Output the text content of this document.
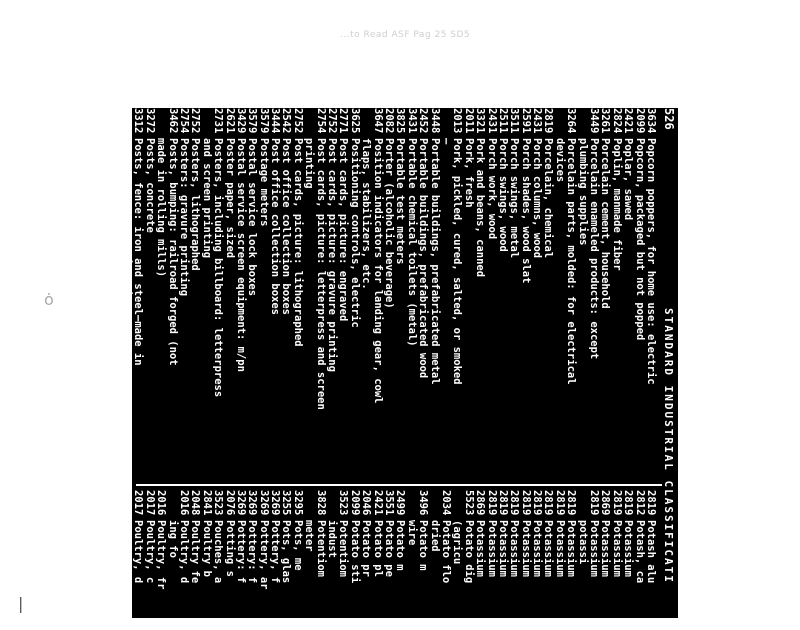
...to Read ASF Pag 25 SD5
ȯ
|
526
STANDARD INDUSTRIAL CLASSIFICATI
3634Popcorn poppers, for home use: electric
2099Popcorn, packaged but not popped
2421Poplar, sawed
2824Poplin, manmade fiber
3261Porcelain cement, household
3449Porcelain enameled products: except
plumbing supplies
3264Porcelain parts, molded: for electrical
devices
2819Porcelain, chemical
2431Porch columns, wood
2591Porch shades, wood slat
3511Porch swings, metal
2511Porch swings, wood
2431Porch work, wood
3321Pork and beans, canned
2011Pork, fresh
2013Pork, pickled, cured, salted, or smoked
—
3448Portable buildings, prefabricated metal
2452Portable buildings, prefabricated wood
3431Portable chemical toilets (metal)
3825Portable test meters
2082Porter (alcoholic beverage)
3647Position indicators for landing gear, cowl
flaps, stabilizers, etc.
3625Positioning controls, electric
2771Post cards, picture: engraved
2752Post cards, picture: gravure printing
2754Post cards, picture: letterpress and screen
printing
2752Post cards, picture: lithographed
2542Post office collection boxes
3444Post office collection boxes
3579Postage meters
3579Postal service lock boxes
3429Postal service screen equipment: m/pn
2621Poster paper, sized
2731Posters, including billboard: letterpress
and screen printing
2752Posters, lithographed
2754Posters: gravure printing
3462Posts, bumping: railroad forged (not
made in rolling mills)
3272Posts, concrete
3312Posts, fence: iron and steel—made in
steel works or rolling mills
2421Posts, wood: hewn, round or split
2491Posts, wood: treated
2026Pot cheese
2819Potash alu
2812Potash, ca
2819Potassium
2819Potassium
2869Potassium
2819Potassium
potassi
2819Potassium
2819Potassium
2819Potassium
2819Potassium
2819Potassium
2819Potassium
2819Potassium
2819Potassium
2869Potassium
5523Potato dig
(agricu
2034Potato flo
dried
3496Potato m
wire
2499Potato m
3551Potato pe
2421Potato pl
2046Potato pr
2099Potato sti
3523Potentiom
indust
3828Potentiom
meter
3295Pots, me
3255Pots, glas
3269Pottery, f
3269Pottery, ar
3269Pottery: f
3269Pottery: f
2076Potting s
3523Pouches, a
2841Poultry b
2048Poultry fe
2016Poultry, d
ing fo
2016Poultry, fr
2017Poultry, c
2017Poultry, d
2016Poultry, f
2016Poultry, s
3635Powder pu
